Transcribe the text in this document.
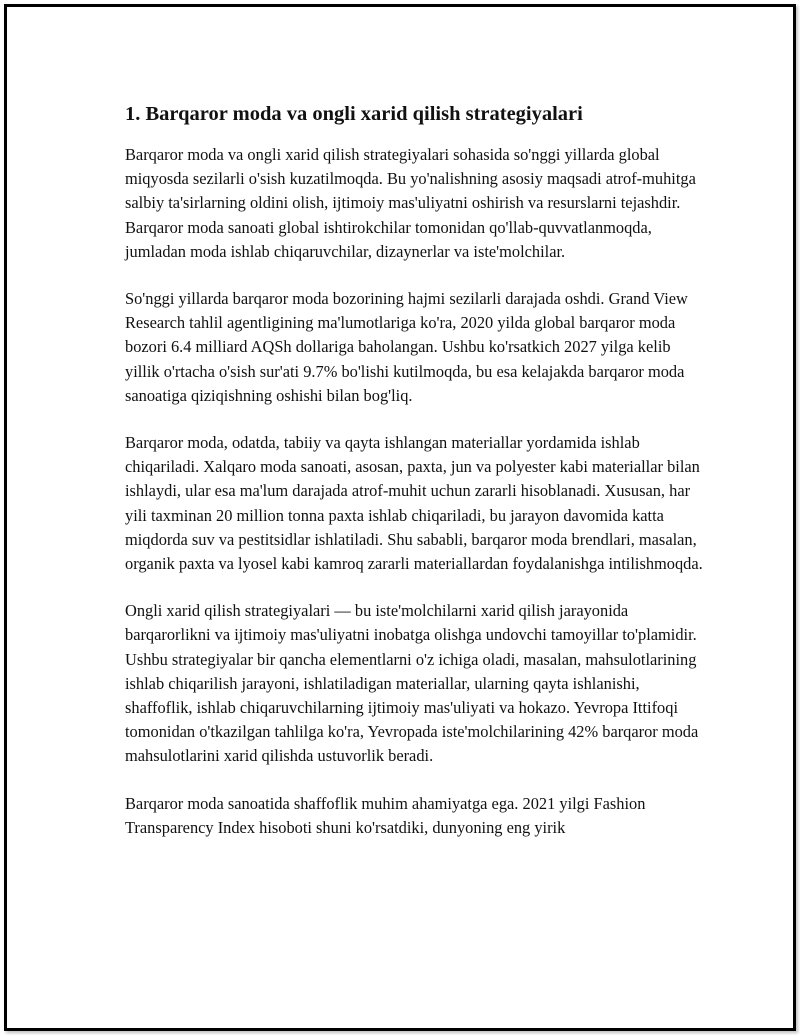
1. Barqaror moda va ongli xarid qilish strategiyalari

Barqaror moda va ongli xarid qilish strategiyalari sohasida so'nggi yillarda global miqyosda sezilarli o'sish kuzatilmoqda. Bu yo'nalishning asosiy maqsadi atrof-muhitga salbiy ta'sirlarning oldini olish, ijtimoiy mas'uliyatni oshirish va resurslarni tejashdir. Barqaror moda sanoati global ishtirokchilar tomonidan qo'llab-quvvatlanmoqda, jumladan moda ishlab chiqaruvchilar, dizaynerlar va iste'molchilar.

So'nggi yillarda barqaror moda bozorining hajmi sezilarli darajada oshdi. Grand View Research tahlil agentligining ma'lumotlariga ko'ra, 2020 yilda global barqaror moda bozori 6.4 milliard AQSh dollariga baholangan. Ushbu ko'rsatkich 2027 yilga kelib yillik o'rtacha o'sish sur'ati 9.7% bo'lishi kutilmoqda, bu esa kelajakda barqaror moda sanoatiga qiziqishning oshishi bilan bog'liq.

Barqaror moda, odatda, tabiiy va qayta ishlangan materiallar yordamida ishlab chiqariladi. Xalqaro moda sanoati, asosan, paxta, jun va polyester kabi materiallar bilan ishlaydi, ular esa ma'lum darajada atrof-muhit uchun zararli hisoblanadi. Xususan, har yili taxminan 20 million tonna paxta ishlab chiqariladi, bu jarayon davomida katta miqdorda suv va pestitsidlar ishlatiladi. Shu sababli, barqaror moda brendlari, masalan, organik paxta va lyosel kabi kamroq zararli materiallardan foydalanishga intilishmoqda.

Ongli xarid qilish strategiyalari — bu iste'molchilarni xarid qilish jarayonida barqarorlikni va ijtimoiy mas'uliyatni inobatga olishga undovchi tamoyillar to'plamidir. Ushbu strategiyalar bir qancha elementlarni o'z ichiga oladi, masalan, mahsulotlarining ishlab chiqarilish jarayoni, ishlatiladigan materiallar, ularning qayta ishlanishi, shaffoflik, ishlab chiqaruvchilarning ijtimoiy mas'uliyati va hokazo. Yevropa Ittifoqi tomonidan o'tkazilgan tahlilga ko'ra, Yevropada iste'molchilarining 42% barqaror moda mahsulotlarini xarid qilishda ustuvorlik beradi.

Barqaror moda sanoatida shaffoflik muhim ahamiyatga ega. 2021 yilgi Fashion Transparency Index hisoboti shuni ko'rsatdiki, dunyoning eng yirik
